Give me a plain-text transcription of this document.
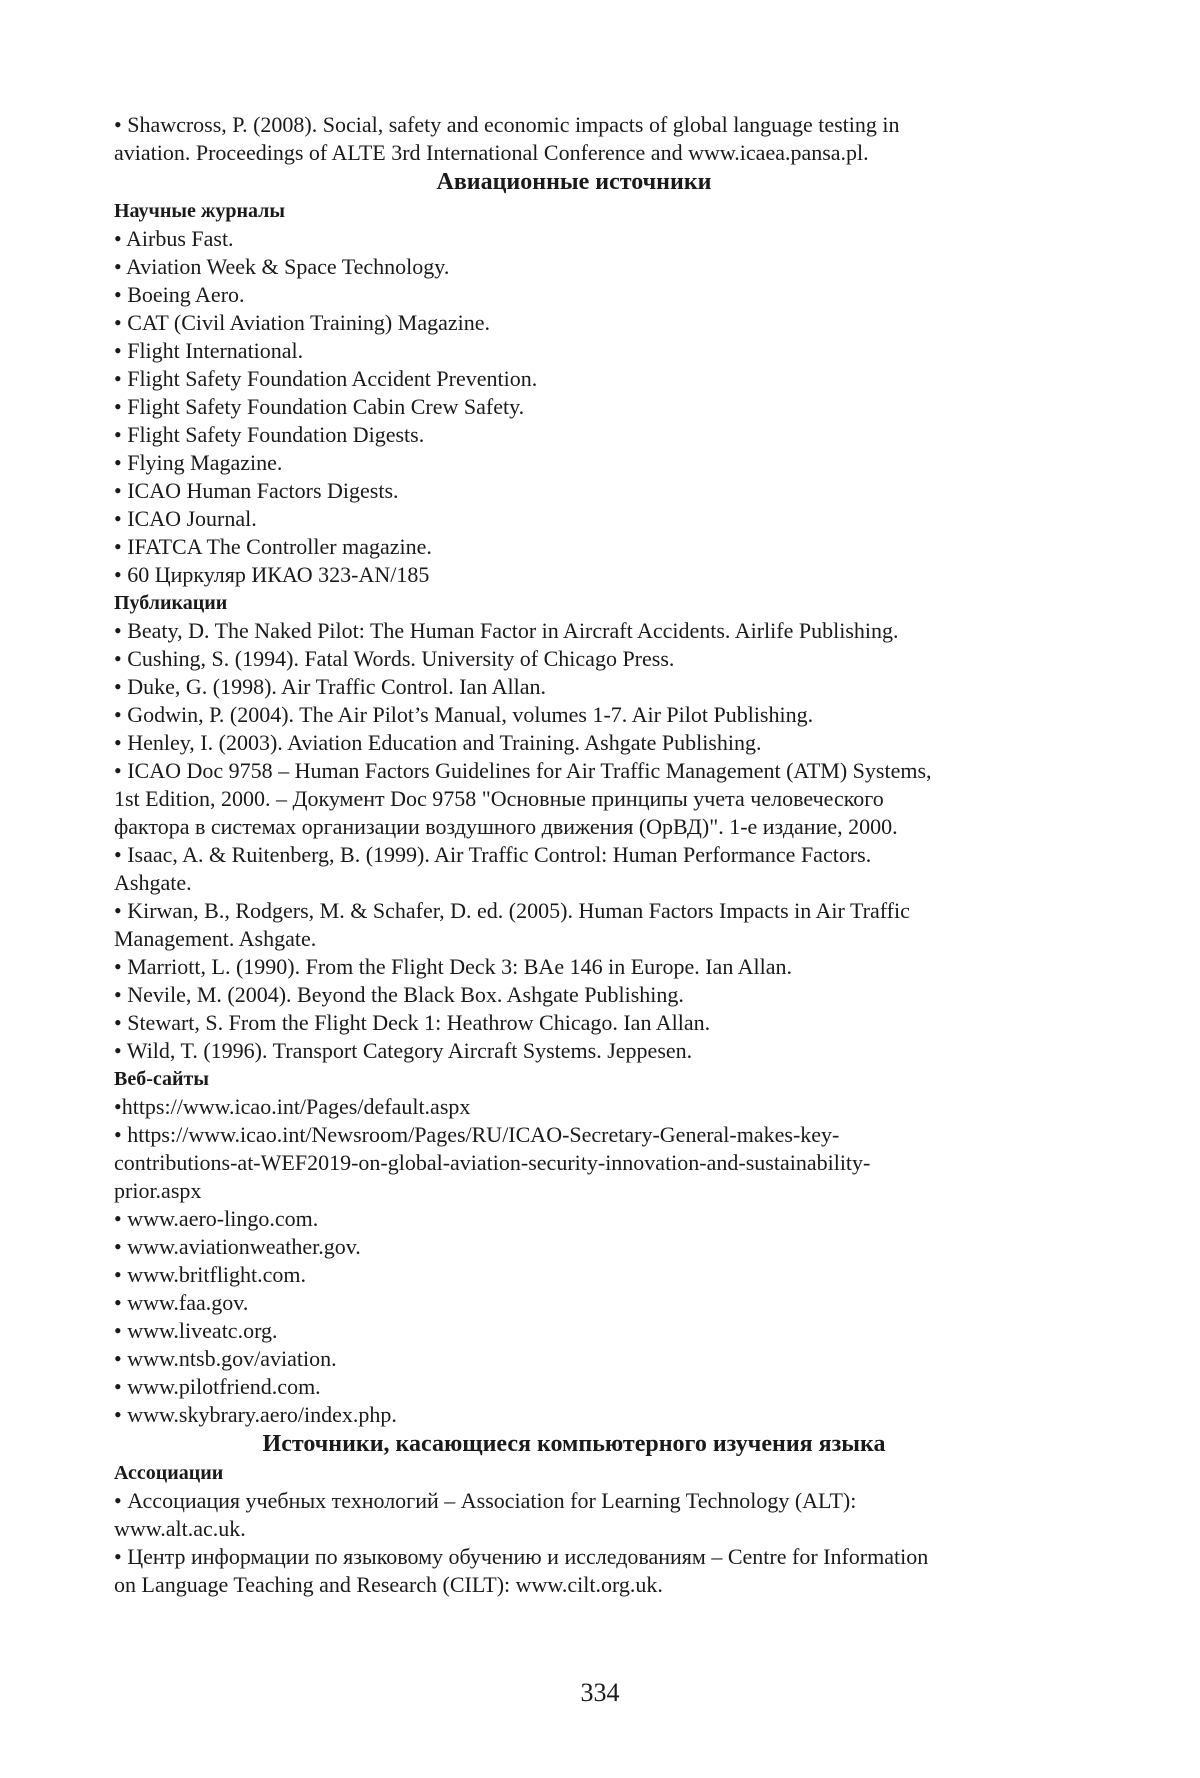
• Shawcross, P. (2008). Social, safety and economic impacts of global language testing in
aviation. Proceedings of ALTE 3rd International Conference and www.icaea.pansa.pl.
Авиационные источники
Научные журналы
• Airbus Fast.
• Aviation Week & Space Technology.
• Boeing Aero.
• CAT (Civil Aviation Training) Magazine.
• Flight International.
• Flight Safety Foundation Accident Prevention.
• Flight Safety Foundation Cabin Crew Safety.
• Flight Safety Foundation Digests.
• Flying Magazine.
• ICAO Human Factors Digests.
• ICAO Journal.
• IFATCA The Controller magazine.
• 60 Циркуляр ИКАО 323-AN/185
Публикации
• Beaty, D. The Naked Pilot: The Human Factor in Aircraft Accidents. Airlife Publishing.
• Cushing, S. (1994). Fatal Words. University of Chicago Press.
• Duke, G. (1998). Air Traffic Control. Ian Allan.
• Godwin, P. (2004). The Air Pilot’s Manual, volumes 1-7. Air Pilot Publishing.
• Henley, I. (2003). Aviation Education and Training. Ashgate Publishing.
• ICAO Doc 9758 – Human Factors Guidelines for Air Traffic Management (ATM) Systems,
1st Edition, 2000. – Документ Doc 9758 "Основные принципы учета человеческого
фактора в системах организации воздушного движения (ОрВД)". 1-е издание, 2000.
• Isaac, A. & Ruitenberg, B. (1999). Air Traffic Control: Human Performance Factors.
Ashgate.
• Kirwan, B., Rodgers, M. & Schafer, D. ed. (2005). Human Factors Impacts in Air Traffic
Management. Ashgate.
• Marriott, L. (1990). From the Flight Deck 3: BAe 146 in Europe. Ian Allan.
• Nevile, M. (2004). Beyond the Black Box. Ashgate Publishing.
• Stewart, S. From the Flight Deck 1: Heathrow Chicago. Ian Allan.
• Wild, T. (1996). Transport Category Aircraft Systems. Jeppesen.
Веб-сайты
•https://www.icao.int/Pages/default.aspx
• https://www.icao.int/Newsroom/Pages/RU/ICAO-Secretary-General-makes-key-
contributions-at-WEF2019-on-global-aviation-security-innovation-and-sustainability-
prior.aspx
• www.aero-lingo.com.
• www.aviationweather.gov.
• www.britflight.com.
• www.faa.gov.
• www.liveatc.org.
• www.ntsb.gov/aviation.
• www.pilotfriend.com.
• www.skybrary.aero/index.php.
Источники, касающиеся компьютерного изучения языка
Ассоциации
• Ассоциация учебных технологий – Association for Learning Technology (ALT):
www.alt.ac.uk.
• Центр информации по языковому обучению и исследованиям – Centre for Information
on Language Teaching and Research (CILT): www.cilt.org.uk.
334
